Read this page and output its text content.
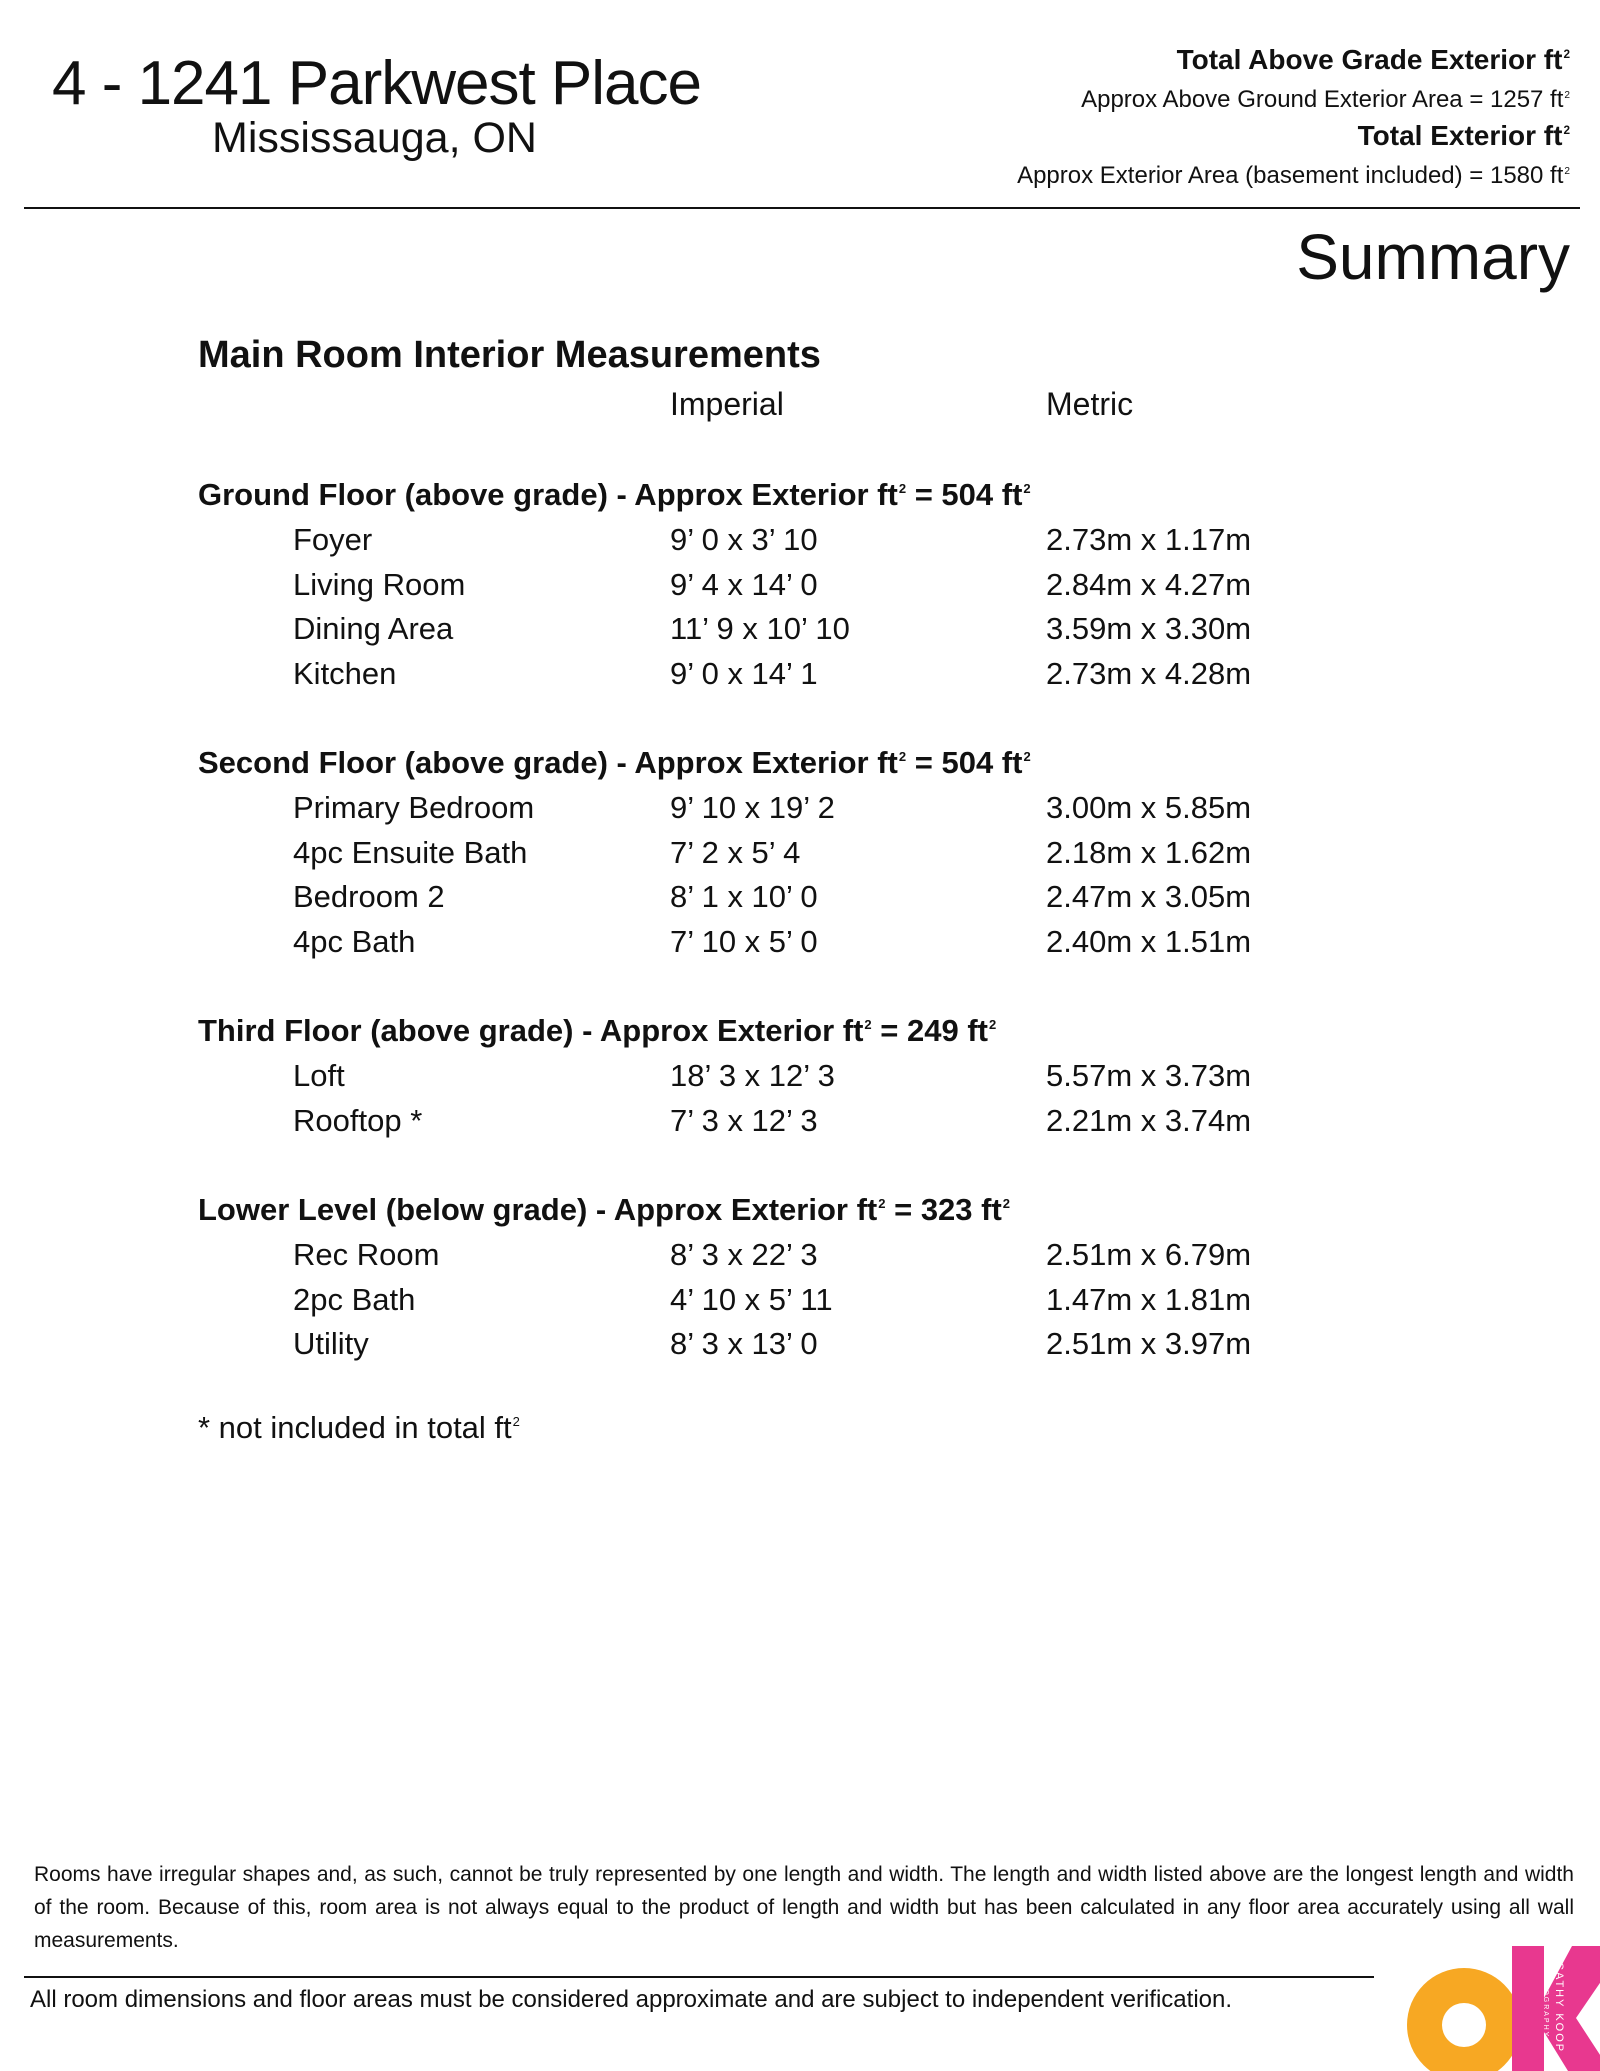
4 - 1241 Parkwest Place
Mississauga, ON
Total Above Grade Exterior $ft^2$
Approx Above Ground Exterior Area = 1257 $ft^2$
Total Exterior $ft^2$
Approx Exterior Area (basement included) = 1580 $ft^2$
Summary
Main Room Interior Measurements
Imperial	Metric
Ground Floor (above grade) - Approx Exterior $ft^2 = 504$ $ft^2$
Foyer	9’ 0 x 3’ 10	2.73m x 1.17m
Living Room	9’ 4 x 14’ 0	2.84m x 4.27m
Dining Area	11’ 9 x 10’ 10	3.59m x 3.30m
Kitchen	9’ 0 x 14’ 1	2.73m x 4.28m
Second Floor (above grade) - Approx Exterior $ft^2 = 504$ $ft^2$
Primary Bedroom	9’ 10 x 19’ 2	3.00m x 5.85m
4pc Ensuite Bath	7’ 2 x 5’ 4	2.18m x 1.62m
Bedroom 2	8’ 1 x 10’ 0	2.47m x 3.05m
4pc Bath	7’ 10 x 5’ 0	2.40m x 1.51m
Third Floor (above grade) - Approx Exterior $ft^2 = 249$ $ft^2$
Loft	18’ 3 x 12’ 3	5.57m x 3.73m
Rooftop *	7’ 3 x 12’ 3	2.21m x 3.74m
Lower Level (below grade) - Approx Exterior $ft^2 = 323$ $ft^2$
Rec Room	8’ 3 x 22’ 3	2.51m x 6.79m
2pc Bath	4’ 10 x 5’ 11	1.47m x 1.81m
Utility	8’ 3 x 13’ 0	2.51m x 3.97m
* not included in total $ft^2$
Rooms have irregular shapes and, as such, cannot be truly represented by one length and width. The length and width listed above are the longest length and width of the room. Because of this, room area is not always equal to the product of length and width but has been calculated in any floor area accurately using all wall measurements.
All room dimensions and floor areas must be considered approximate and are subject to independent verification.	CATHY KOOP
PHOTOGRAPHY
